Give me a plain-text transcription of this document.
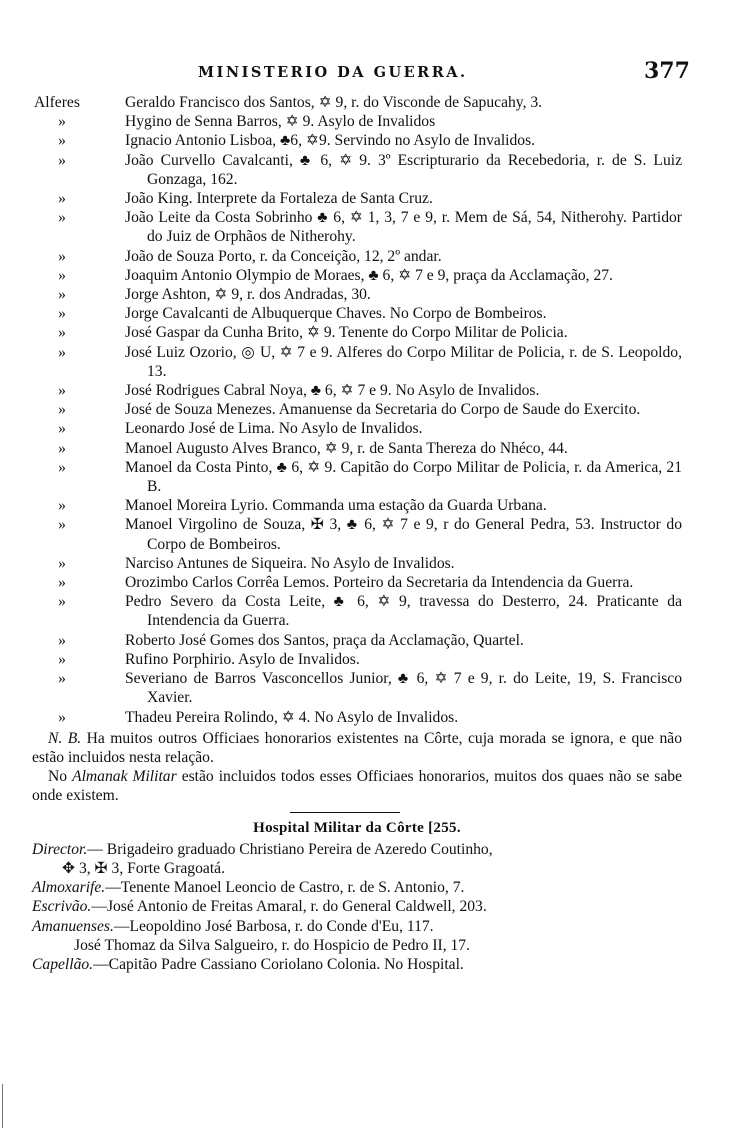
MINISTERIO DA GUERRA.	377
Alferes	Geraldo Francisco dos Santos, ✡ 9, r. do Visconde de Sapucahy, 3.
»	Hygino de Senna Barros, ✡ 9. Asylo de Invalidos
»	Ignacio Antonio Lisboa, ♣6, ✡9. Servindo no Asylo de Invalidos.
»	João Curvello Cavalcanti, ♣ 6, ✡ 9. 3º Escripturario da Recebedoria, r. de S. Luiz Gonzaga, 162.
»	João King. Interprete da Fortaleza de Santa Cruz.
»	João Leite da Costa Sobrinho ♣ 6, ✡ 1, 3, 7 e 9, r. Mem de Sá, 54, Nitherohy. Partidor do Juiz de Orphãos de Nitherohy.
»	João de Souza Porto, r. da Conceição, 12, 2º andar.
»	Joaquim Antonio Olympio de Moraes, ♣ 6, ✡ 7 e 9, praça da Acclamação, 27.
»	Jorge Ashton, ✡ 9, r. dos Andradas, 30.
»	Jorge Cavalcanti de Albuquerque Chaves. No Corpo de Bombeiros.
»	José Gaspar da Cunha Brito, ✡ 9. Tenente do Corpo Militar de Policia.
»	José Luiz Ozorio, ◎ U, ✡ 7 e 9. Alferes do Corpo Militar de Policia, r. de S. Leopoldo, 13.
»	José Rodrigues Cabral Noya, ♣ 6, ✡ 7 e 9. No Asylo de Invalidos.
»	José de Souza Menezes. Amanuense da Secretaria do Corpo de Saude do Exercito.
»	Leonardo José de Lima. No Asylo de Invalidos.
»	Manoel Augusto Alves Branco, ✡ 9, r. de Santa Thereza do Nhéco, 44.
»	Manoel da Costa Pinto, ♣ 6, ✡ 9. Capitão do Corpo Militar de Policia, r. da America, 21 B.
»	Manoel Moreira Lyrio. Commanda uma estação da Guarda Urbana.
»	Manoel Virgolino de Souza, ✠ 3, ♣ 6, ✡ 7 e 9, r do General Pedra, 53. Instructor do Corpo de Bombeiros.
»	Narciso Antunes de Siqueira. No Asylo de Invalidos.
»	Orozimbo Carlos Corrêa Lemos. Porteiro da Secretaria da Intendencia da Guerra.
»	Pedro Severo da Costa Leite, ♣ 6, ✡ 9, travessa do Desterro, 24. Praticante da Intendencia da Guerra.
»	Roberto José Gomes dos Santos, praça da Acclamação, Quartel.
»	Rufino Porphirio. Asylo de Invalidos.
»	Severiano de Barros Vasconcellos Junior, ♣ 6, ✡ 7 e 9, r. do Leite, 19, S. Francisco Xavier.
»	Thadeu Pereira Rolindo, ✡ 4. No Asylo de Invalidos.
N. B. Ha muitos outros Officiaes honorarios existentes na Côrte, cuja morada se ignora, e que não estão incluidos nesta relação.
No Almanak Militar estão incluidos todos esses Officiaes honorarios, muitos dos quaes não se sabe onde existem.
Hospital Militar da Côrte [255.
Director.— Brigadeiro graduado Christiano Pereira de Azeredo Coutinho,
✥ 3, ✠ 3, Forte Gragoatá.
Almoxarife.—Tenente Manoel Leoncio de Castro, r. de S. Antonio, 7.
Escrivão.—José Antonio de Freitas Amaral, r. do General Caldwell, 203.
Amanuenses.—Leopoldino José Barbosa, r. do Conde d'Eu, 117.
José Thomaz da Silva Salgueiro, r. do Hospicio de Pedro II, 17.
Capellão.—Capitão Padre Cassiano Coriolano Colonia. No Hospital.
